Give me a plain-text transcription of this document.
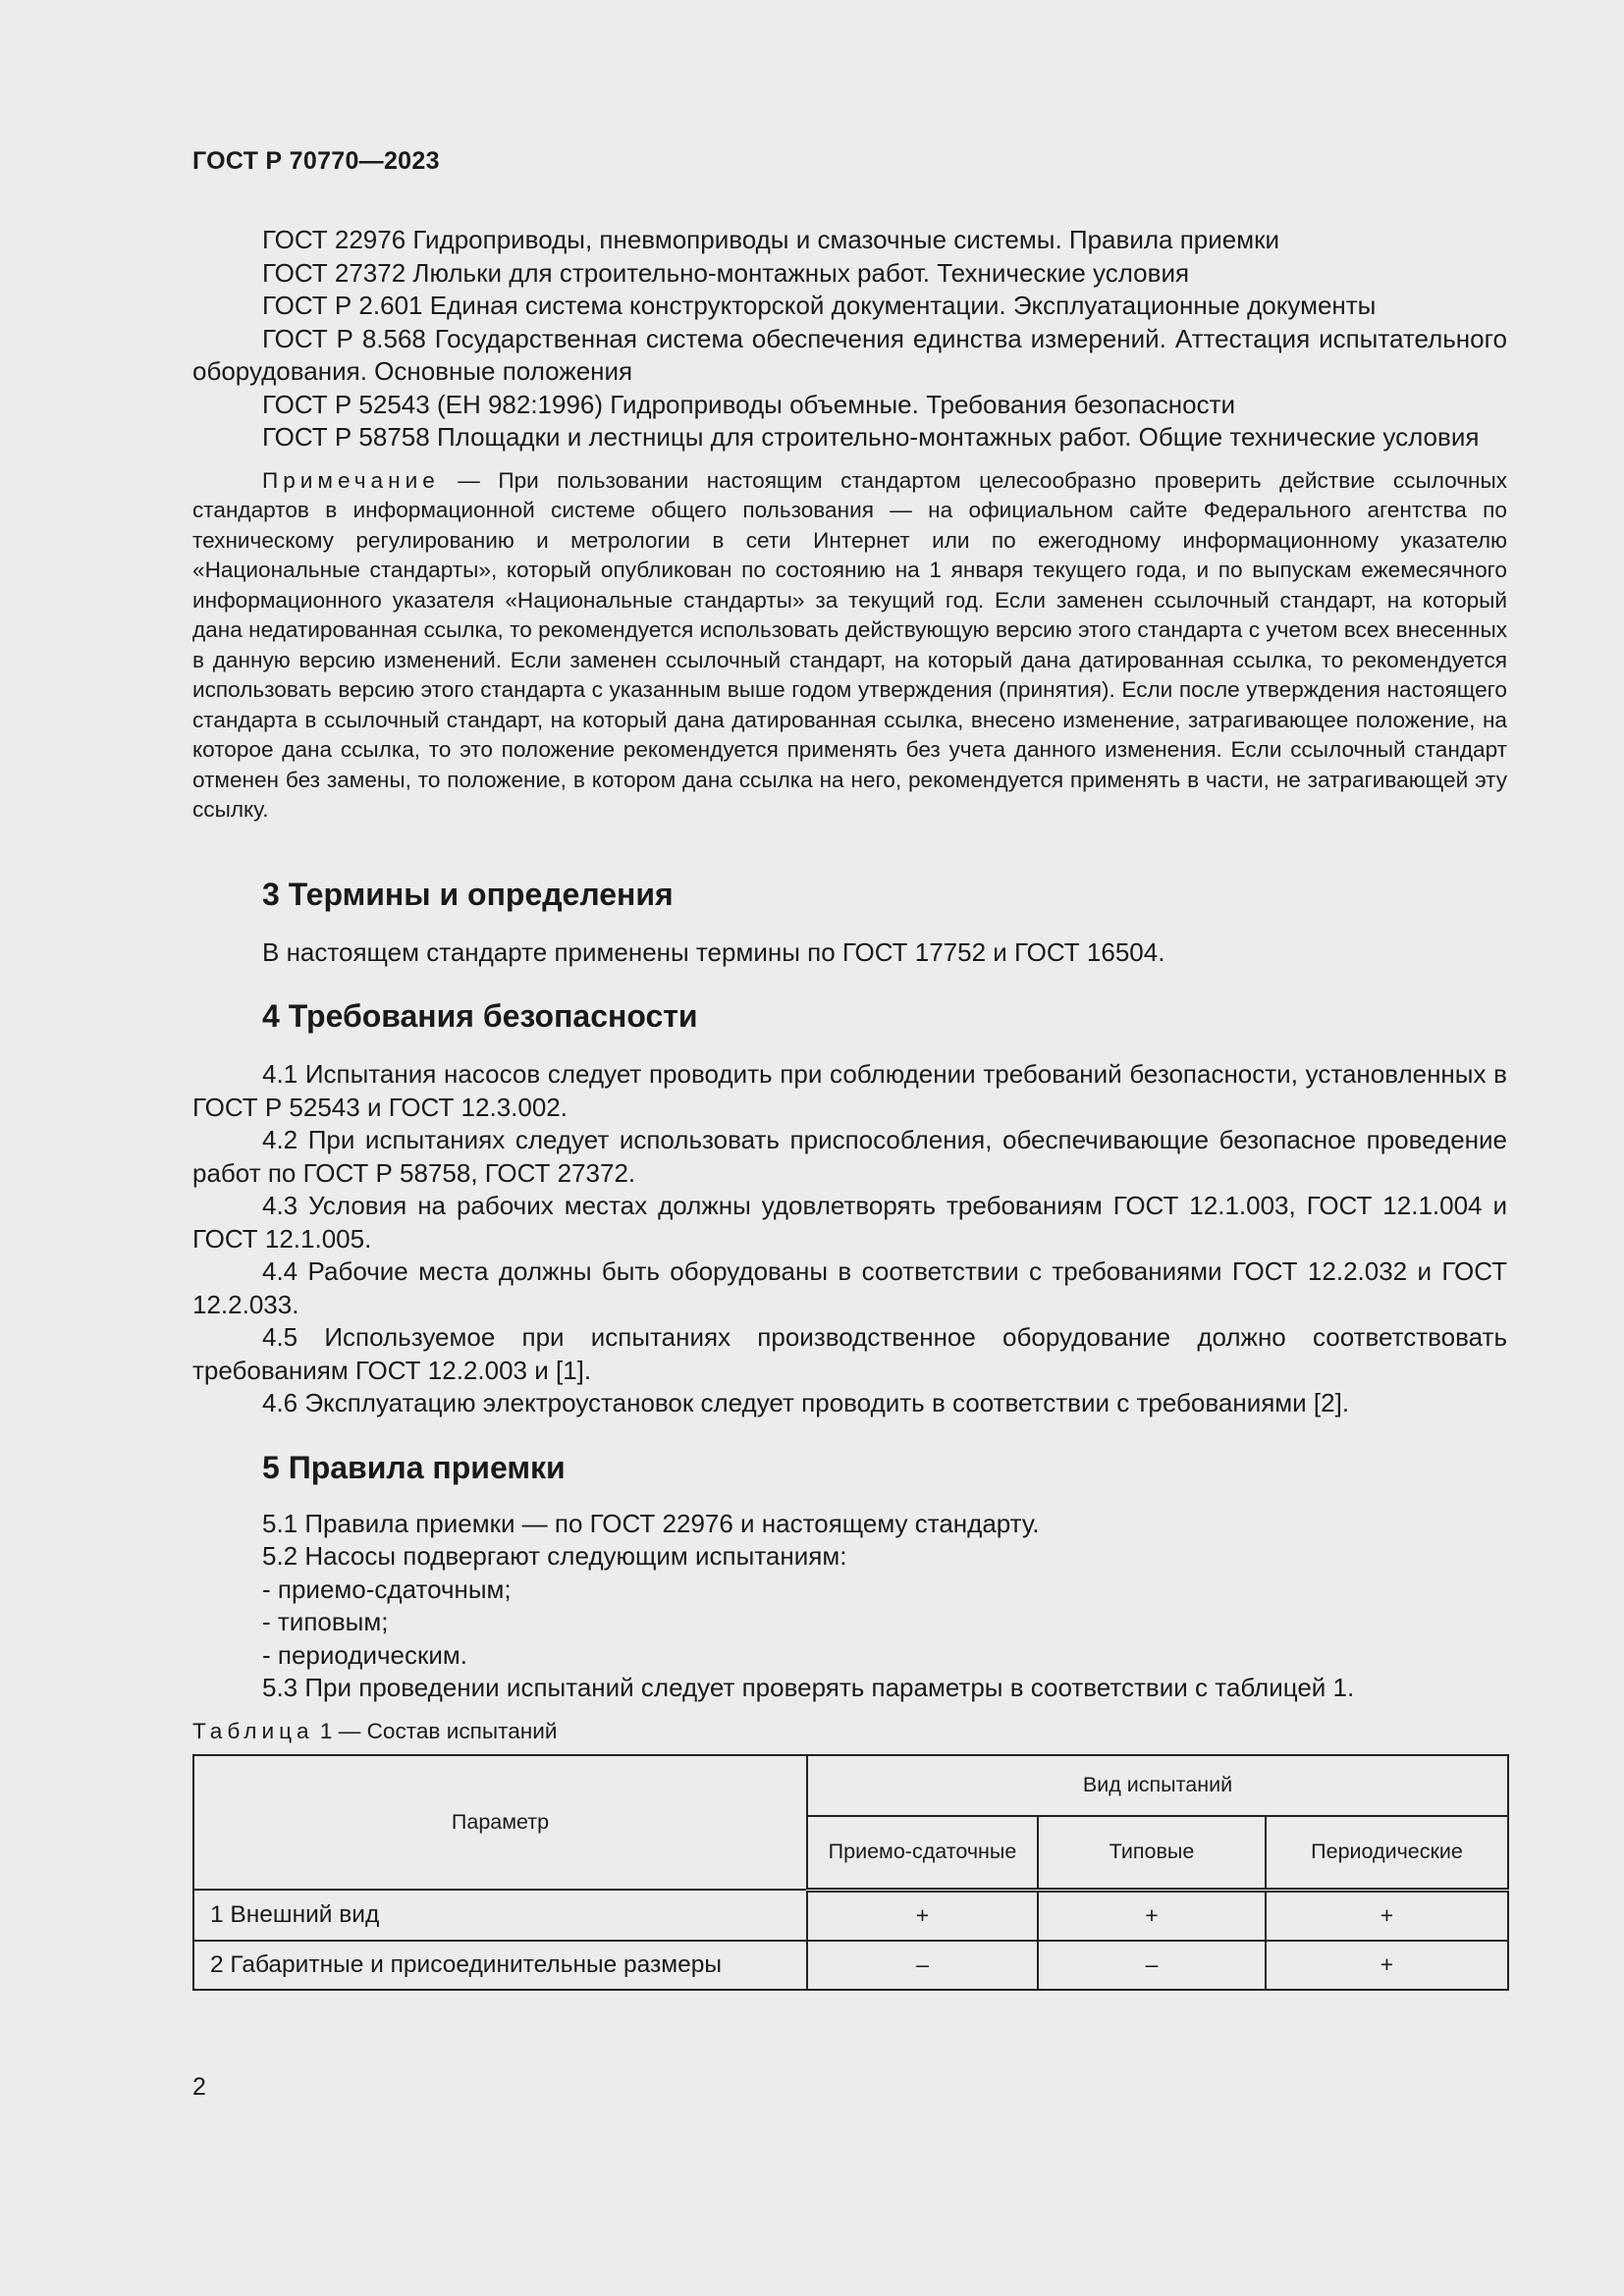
ГОСТ Р 70770—2023

ГОСТ 22976 Гидроприводы, пневмоприводы и смазочные системы. Правила приемки

ГОСТ 27372 Люльки для строительно-монтажных работ. Технические условия

ГОСТ Р 2.601 Единая система конструкторской документации. Эксплуатационные документы

ГОСТ Р 8.568 Государственная система обеспечения единства измерений. Аттестация испытательного оборудования. Основные положения

ГОСТ Р 52543 (ЕН 982:1996) Гидроприводы объемные. Требования безопасности

ГОСТ Р 58758 Площадки и лестницы для строительно-монтажных работ. Общие технические условия

Примечание — При пользовании настоящим стандартом целесообразно проверить действие ссылочных стандартов в информационной системе общего пользования — на официальном сайте Федерального агентства по техническому регулированию и метрологии в сети Интернет или по ежегодному информационному указателю «Национальные стандарты», который опубликован по состоянию на 1 января текущего года, и по выпускам ежемесячного информационного указателя «Национальные стандарты» за текущий год. Если заменен ссылочный стандарт, на который дана недатированная ссылка, то рекомендуется использовать действующую версию этого стандарта с учетом всех внесенных в данную версию изменений. Если заменен ссылочный стандарт, на который дана датированная ссылка, то рекомендуется использовать версию этого стандарта с указанным выше годом утверждения (принятия). Если после утверждения настоящего стандарта в ссылочный стандарт, на который дана датированная ссылка, внесено изменение, затрагивающее положение, на которое дана ссылка, то это положение рекомендуется применять без учета данного изменения. Если ссылочный стандарт отменен без замены, то положение, в котором дана ссылка на него, рекомендуется применять в части, не затрагивающей эту ссылку.

3 Термины и определения

В настоящем стандарте применены термины по ГОСТ 17752 и ГОСТ 16504.

4 Требования безопасности

4.1 Испытания насосов следует проводить при соблюдении требований безопасности, установленных в ГОСТ Р 52543 и ГОСТ 12.3.002.

4.2 При испытаниях следует использовать приспособления, обеспечивающие безопасное проведение работ по ГОСТ Р 58758, ГОСТ 27372.

4.3 Условия на рабочих местах должны удовлетворять требованиям ГОСТ 12.1.003, ГОСТ 12.1.004 и ГОСТ 12.1.005.

4.4 Рабочие места должны быть оборудованы в соответствии с требованиями ГОСТ 12.2.032 и ГОСТ 12.2.033.

4.5 Используемое при испытаниях производственное оборудование должно соответствовать требованиям ГОСТ 12.2.003 и [1].

4.6 Эксплуатацию электроустановок следует проводить в соответствии с требованиями [2].

5 Правила приемки

5.1 Правила приемки — по ГОСТ 22976 и настоящему стандарту.

5.2 Насосы подвергают следующим испытаниям:

- приемо-сдаточным;

- типовым;

- периодическим.

5.3 При проведении испытаний следует проверять параметры в соответствии с таблицей 1.

Таблица 1 — Состав испытаний
Параметр	Вид испытаний		
	Приемо-сдаточные	Типовые	Периодические
1 Внешний вид	+	+	+
2 Габаритные и присоединительные размеры	–	–	+
2
